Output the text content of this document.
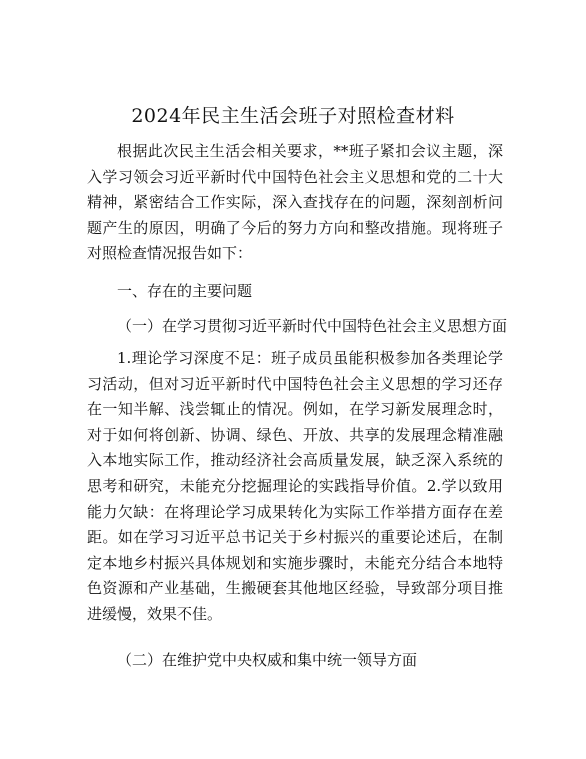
2024年民主生活会班子对照检查材料

根据此次民主生活会相关要求，**班子紧扣会议主题，深入学习领会习近平新时代中国特色社会主义思想和党的二十大精神，紧密结合工作实际，深入查找存在的问题，深刻剖析问题产生的原因，明确了今后的努力方向和整改措施。现将班子对照检查情况报告如下：

一、存在的主要问题

（一）在学习贯彻习近平新时代中国特色社会主义思想方面

1.理论学习深度不足：班子成员虽能积极参加各类理论学习活动，但对习近平新时代中国特色社会主义思想的学习还存在一知半解、浅尝辄止的情况。例如，在学习新发展理念时，对于如何将创新、协调、绿色、开放、共享的发展理念精准融入本地实际工作，推动经济社会高质量发展，缺乏深入系统的思考和研究，未能充分挖掘理论的实践指导价值。2.学以致用能力欠缺：在将理论学习成果转化为实际工作举措方面存在差距。如在学习习近平总书记关于乡村振兴的重要论述后，在制定本地乡村振兴具体规划和实施步骤时，未能充分结合本地特色资源和产业基础，生搬硬套其他地区经验，导致部分项目推进缓慢，效果不佳。

（二）在维护党中央权威和集中统一领导方面
